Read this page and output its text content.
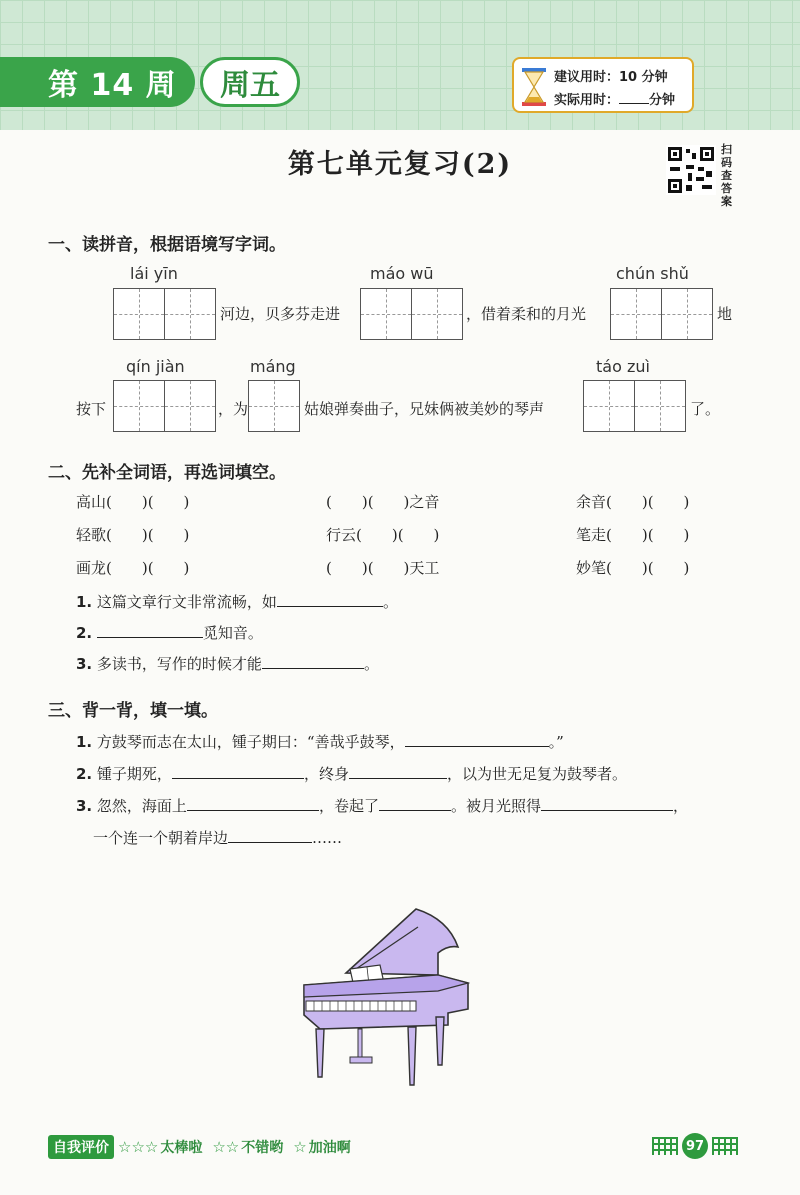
第 14 周	周五	建议用时：10 分钟
实际用时： 分钟
第七单元复习(2)	扫码查答案
一、读拼音，根据语境写字词。
lái yīn
河边，贝多芬走进
máo wū
，借着柔和的月光
chún shǔ
地
按下
qín jiàn
，为
máng
姑娘弹奏曲子，兄妹俩被美妙的琴声
táo zuì
了。
二、先补全词语，再选词填空。
高山(　　)(　　)	(　　)(　　)之音	余音(　　)(　　)
轻歌(　　)(　　)	行云(　　)(　　)	笔走(　　)(　　)
画龙(　　)(　　)	(　　)(　　)天工	妙笔(　　)(　　)
1. 这篇文章行文非常流畅，如	。
2.	觅知音。
3. 多读书，写作的时候才能	。
三、背一背，填一填。
1. 方鼓琴而志在太山，锺子期曰：“善哉乎鼓琴，	。”
2. 锺子期死，	，终身	，以为世无足复为鼓琴者。
3. 忽然，海面上	，卷起了	。被月光照得	，
一个连一个朝着岸边	……
自我评价 ☆☆☆ 太棒啦 ☆☆ 不错哟 ☆ 加油啊	97
